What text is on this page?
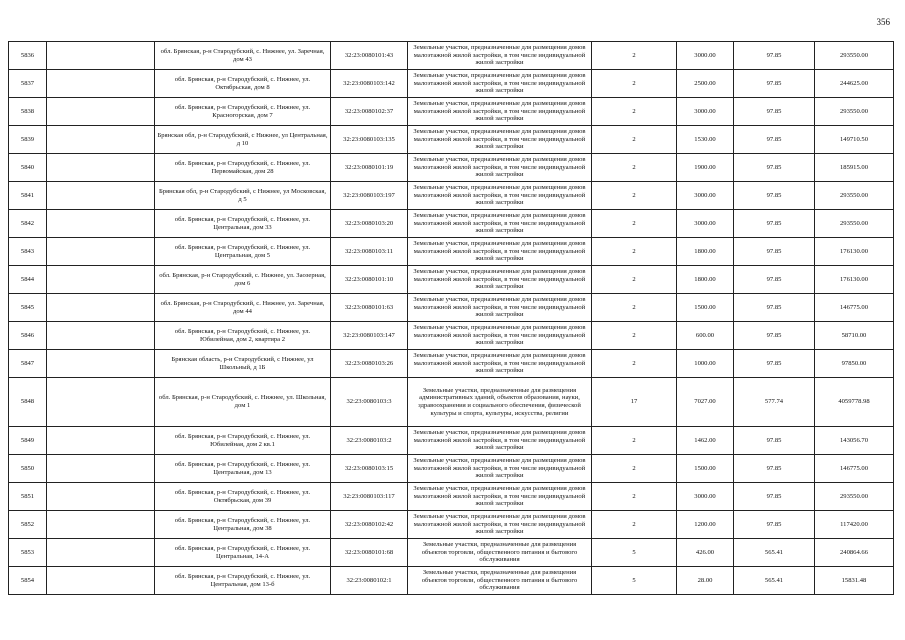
356
5836		обл. Брянская, р-н Стародубский, с. Нижнее, ул. Заречная, дом 43	32:23:0080101:43	Земельные участки, предназначенные для размещения домов малоэтажной жилой застройки, в том числе индивидуальной жилой застройки	2	3000.00	97.85	293550.00
5837		обл. Брянская, р-н Стародубский, с. Нижнее, ул. Октябрьская, дом 8	32:23:0080103:142	Земельные участки, предназначенные для размещения домов малоэтажной жилой застройки, в том числе индивидуальной жилой застройки	2	2500.00	97.85	244625.00
5838		обл. Брянская, р-н Стародубский, с. Нижнее, ул. Красногорская, дом 7	32:23:0080102:37	Земельные участки, предназначенные для размещения домов малоэтажной жилой застройки, в том числе индивидуальной жилой застройки	2	3000.00	97.85	293550.00
5839		Брянская обл, р-н Стародубский, с Нижнее, ул Центральная, д 10	32:23:0080103:135	Земельные участки, предназначенные для размещения домов малоэтажной жилой застройки, в том числе индивидуальной жилой застройки	2	1530.00	97.85	149710.50
5840		обл. Брянская, р-н Стародубский, с. Нижнее, ул. Первомайская, дом 28	32:23:0080101:19	Земельные участки, предназначенные для размещения домов малоэтажной жилой застройки, в том числе индивидуальной жилой застройки	2	1900.00	97.85	185915.00
5841		Брянская обл, р-н Стародубский, с Нижнее, ул Московская, д 5	32:23:0080103:197	Земельные участки, предназначенные для размещения домов малоэтажной жилой застройки, в том числе индивидуальной жилой застройки	2	3000.00	97.85	293550.00
5842		обл. Брянская, р-н Стародубский, с. Нижнее, ул. Центральная, дом 33	32:23:0080103:20	Земельные участки, предназначенные для размещения домов малоэтажной жилой застройки, в том числе индивидуальной жилой застройки	2	3000.00	97.85	293550.00
5843		обл. Брянская, р-н Стародубский, с. Нижнее, ул. Центральная, дом 5	32:23:0080103:11	Земельные участки, предназначенные для размещения домов малоэтажной жилой застройки, в том числе индивидуальной жилой застройки	2	1800.00	97.85	176130.00
5844		обл. Брянская, р-н Стародубский, с. Нижнее, ул. Заозерная, дом 6	32:23:0080101:10	Земельные участки, предназначенные для размещения домов малоэтажной жилой застройки, в том числе индивидуальной жилой застройки	2	1800.00	97.85	176130.00
5845		обл. Брянская, р-н Стародубский, с. Нижнее, ул. Заречная, дом 44	32:23:0080101:63	Земельные участки, предназначенные для размещения домов малоэтажной жилой застройки, в том числе индивидуальной жилой застройки	2	1500.00	97.85	146775.00
5846		обл. Брянская, р-н Стародубский, с. Нижнее, ул. Юбилейная, дом 2, квартира 2	32:23:0080103:147	Земельные участки, предназначенные для размещения домов малоэтажной жилой застройки, в том числе индивидуальной жилой застройки	2	600.00	97.85	58710.00
5847		Брянская область, р-н Стародубский, с Нижнее, ул Школьный, д 1Б	32:23:0080103:26	Земельные участки, предназначенные для размещения домов малоэтажной жилой застройки, в том числе индивидуальной жилой застройки	2	1000.00	97.85	97850.00
5848		обл. Брянская, р-н Стародубский, с. Нижнее, ул. Школьная, дом 1	32:23:0080103:3	Земельные участки, предназначенные для размещения административных зданий, объектов образования, науки, здравоохранения и социального обеспечения, физической культуры и спорта, культуры, искусства, религии	17	7027.00	577.74	4059778.98
5849		обл. Брянская, р-н Стародубский, с. Нижнее, ул. Юбилейная, дом 2 кв.1	32:23:0080103:2	Земельные участки, предназначенные для размещения домов малоэтажной жилой застройки, в том числе индивидуальной жилой застройки	2	1462.00	97.85	143056.70
5850		обл. Брянская, р-н Стародубский, с. Нижнее, ул. Центральная, дом 13	32:23:0080103:15	Земельные участки, предназначенные для размещения домов малоэтажной жилой застройки, в том числе индивидуальной жилой застройки	2	1500.00	97.85	146775.00
5851		обл. Брянская, р-н Стародубский, с. Нижнее, ул. Октябрьская, дом 39	32:23:0080103:117	Земельные участки, предназначенные для размещения домов малоэтажной жилой застройки, в том числе индивидуальной жилой застройки	2	3000.00	97.85	293550.00
5852		обл. Брянская, р-н Стародубский, с. Нижнее, ул. Центральная, дом 38	32:23:0080102:42	Земельные участки, предназначенные для размещения домов малоэтажной жилой застройки, в том числе индивидуальной жилой застройки	2	1200.00	97.85	117420.00
5853		обл. Брянская, р-н Стародубский, с. Нижнее, ул. Центральная, 14-А	32:23:0080101:68	Земельные участки, предназначенные для размещения объектов торговли, общественного питания и бытового обслуживания	5	426.00	565.41	240864.66
5854		обл. Брянская, р-н Стародубский, с. Нижнее, ул. Центральная, дом 13-б	32:23:0080102:1	Земельные участки, предназначенные для размещения объектов торговли, общественного питания и бытового обслуживания	5	28.00	565.41	15831.48
